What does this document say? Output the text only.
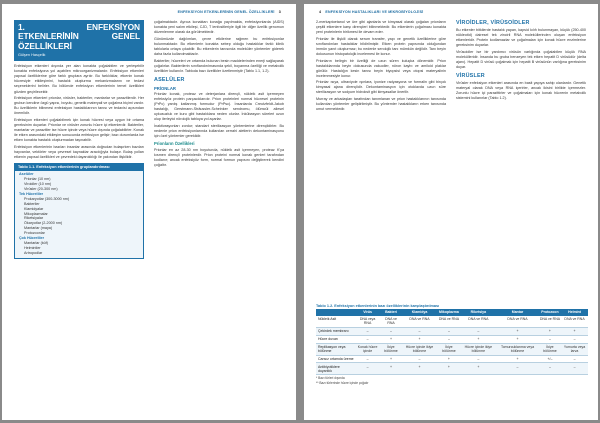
ENFEKSİYON ETKENLERİNİN GENEL ÖZELLİKLERİ 3
1. ENFEKSİYON ETKENLERİNİN GENEL ÖZELLİKLERİ
Gülşen Hasçelik

Enfeksiyon etkenleri dışında yer alan konakta çoğalabilen ve yerleşebilir konakta enfeksiyona yol açabilen mikroorganizmalardır. Enfeksiyon etkenleri yapısal özelliklerine göre farklı gruplara ayrılır. Bu farklılıklar, etkenin konak hücresiyle etkileşimini, hastalık oluşturma mekanizmalarını ve tedavi seçeneklerini belirler. Bu bölümde enfeksiyon etkenlerinin temel özellikleri gözden geçirilecektir.

Enfeksiyon etkenleri prionlar, virüsler, bakteriler, mantarlar ve parazitlerdir. Her grubun kendine özgü yapısı, boyutu, genetik materyali ve çoğalma biçimi vardır. Bu özelliklerin bilinmesi enfeksiyon hastalıklarının tanısı ve tedavisi açısından önemlidir.

Enfeksiyon etkenleri çoğalabilmek için konak hücresi veya uygun bir ortama gereksinim duyarlar. Prionlar ve virüsler zorunlu hücre içi etkenlerdir. Bakteriler, mantarlar ve parazitler ise hücre içinde veya hücre dışında çoğalabilirler. Konak ile etken arasındaki etkileşim sonucunda enfeksiyon gelişir; bazı durumlarda ise etken konakta hastalık oluşturmadan taşınabilir.

Enfeksiyon etkenlerinin bazıları insanlar arasında doğrudan bulaşırken bazıları hayvanlar, vektörler veya çevresel kaynaklar aracılığıyla bulaşır. Bulaş yolları etkenin yapısal özellikleri ve çevredeki dayanıklılığı ile yakından ilişkilidir.

Tablo 1.1. Enfeksiyon etkenlerinin gruplandırılması
Aselüler
Prionlar (10 nm)
Viroidler (10 nm)
Virüsler (20-300 nm)
Tek Hücreliler
Prokaryotlar (300-3000 nm)
Bakteriler
Klamidyalar
Mikoplazmalar
Riketsiyalar
Ökaryotlar (2-2000 nm)
Mantarlar (maya)
Protozoonlar
Çok Hücreliler
Mantarlar (küf)
Helmintler
Artropodlar

çoğalmaktadır. Ayrıca konaktan konağa yayılmakta, enfeksiyonlarda (AIDS) konakta yeni salım etkileşi, CJD, T lenfositleriyle ilgili bir diğer özellik genomun düzenlenme olarak da görülmektedir.

Günümüzde dağılımları, çevre etkilerine rağmen bu enfeksiyonlar bulunmaktadır. Bu etkenlerin konakta sebep olduğu hastalıklar farklı klinik tablolarla ortaya çıkabilir. Bu etkenlerin tanısında moleküler yöntemler giderek daha fazla kullanılmaktadır.

Bakteriler, hücreleri ve ortamda bulunan besin maddelerinden enerji sağlayarak çoğalırlar. Bakterilerin sınıflandırılmasında şekil, boyanma özelliği ve metabolik özellikler kullanılır. Tabloda bazı özellikler özetlenmiştir (Tablo 1.1, 1.2).

ASELÜLER
PRİONLAR

Prionlar konak, proteaz ve deterjanlara dirençli, nükleik asit içermeyen enfeksiyöz protein parçacıklarıdır. Prion proteinleri normal hücresel proteinin (PrPc) yanlış katlanmış formudur (PrPsc). İnsanlarda Creutzfeldt-Jakob hastalığı, Gerstmann-Sträussler-Scheinker sendromu, ölümcül ailesel uykusuzluk ve kuru gibi hastalıklara neden olurlar. İnkübasyon süreleri uzun olup ilerleyici nörolojik tabloya yol açarlar.

İnaktivasyonları zordur; standart sterilizasyon yöntemlerine dirençlidirler. Bu nedenle prion enfeksiyonlarında kullanılan cerrahi aletlerin dekontaminasyonu için özel yöntemler gereklidir.

Prionların Özellikleri

Prionlar en az 28-30 nm boyutunda, nükleik asit içermeyen, proteaz K'ya kısmen dirençli proteinlerdir. Prion proteini normal konak genleri tarafından kodlanır; ancak enfeksiyöz form, normal formun yapısını değiştirerek kendini çoğaltır.

4 ENFEKSİYON HASTALIKLARI VE MİKROBİYOLOJİSİ

2-merkaptoetanol ve üre gibi ajanlarla ve kimyasal olarak çoğalan prionların çeşitli etkenlere karşı dirençleri bilinmektedir. Bu etkenlerin çoğalması konakta yeni proteinlerin birikmesi ile devam eder.

Prionlar ile ilişkili olarak serum transfer, yapı ve genetik özelliklerine göre sınıflandırılan hastalıklar bildirilmiştir. Etken protein yapısında olduğundan immün yanıt oluşturmaz; bu nedenle serolojik tanı mümkün değildir. Tanı beyin dokusunun histopatolojik incelemesi ile konur.

Prionların belirgin bir özelliği de uzun süren kuluçka dönemidir. Prion hastalıklarında beyin dokusunda vakuoller, nöron kaybı ve amiloid plaklar görülür. Hastalığın kesin tanısı beyin biyopsisi veya otopsi materyalinin incelenmesiyle konur.

Prionlar ısıya, ultraviyole ışınlara, iyonize radyasyona ve formalin gibi birçok kimyasal ajana dirençlidir. Dekontaminasyon için otoklavda uzun süre sterilizasyon ve sodyum hidroksit gibi kimyasallar önerilir.

Murray ve arkadaşları tarafından tanımlanan ve prion hastalıklarının tanısında kullanılan yöntemler geliştirilmiştir. Bu yöntemler hastalıkların erken tanısında umut vermektedir.

VİROİDLER, VİRÜSOİDLER

Bu etkenler bitkilerde hastalık yapan, kapsid kılıfı bulunmayan, küçük (250-400 nükleotid) dairesel tek zincirli RNA moleküllerinden oluşan enfeksiyon etkenleridir. Protein kodlamazlar ve çoğalmaları için konak hücre enzimlerine gereksinim duyarlar.

Virüsoidler ise bir yardımcı virüsün varlığında çoğalabilen küçük RNA molekülleridir. İnsanda bu gruba benzeyen tek etken hepatit D virüsüdür (delta ajanı). Hepatit D virüsü çoğalmak için hepatit B virüsünün varlığına gereksinim duyar.

VİRÜSLER

Virüsler enfeksiyon etkenleri arasında en basit yapıya sahip olanlardır. Genetik materyal olarak DNA veya RNA içerirler, ancak ikisini birlikte içermezler. Zorunlu hücre içi parazittirler ve çoğalmaları için konak hücrenin metabolik sistemini kullanırlar (Tablo 1.2).

Tablo 1.2. Enfeksiyon etkenlerinin bazı özelliklerinin karşılaştırılması
	Virüs	Bakteri	Klamidya	Mikoplazma	Riketsiya	Mantar	Protozoon	Helmint
Nükleik Asit	DNA veya RNA	DNA ve RNA	DNA ve RNA	DNA ve RNA	DNA ve RNA	DNA ve RNA	DNA ve RNA	DNA ve RNA
Çekirdek membranı	–	–	–	–	–	+	+	+
Hücre duvarı	–	+	+	–	+	+	–	–
Replikasyon veya bölünme	Konak hücre içinde	İkiye bölünme	Hücre içinde ikiye bölünme	İkiye bölünme	Hücre içinde ikiye bölünme	Tomurcuklanma veya bölünme	İkiye bölünme	Yumurta veya larva
Cansız ortamda üreme	–	+	–	+	–	+	+/–	–
Antibiyotiklere duyarlılık	–	+	+	+	+	–	–	–
* Bazı türleri dışında
** Bazı türlerinde hücre içinde çoğalır
